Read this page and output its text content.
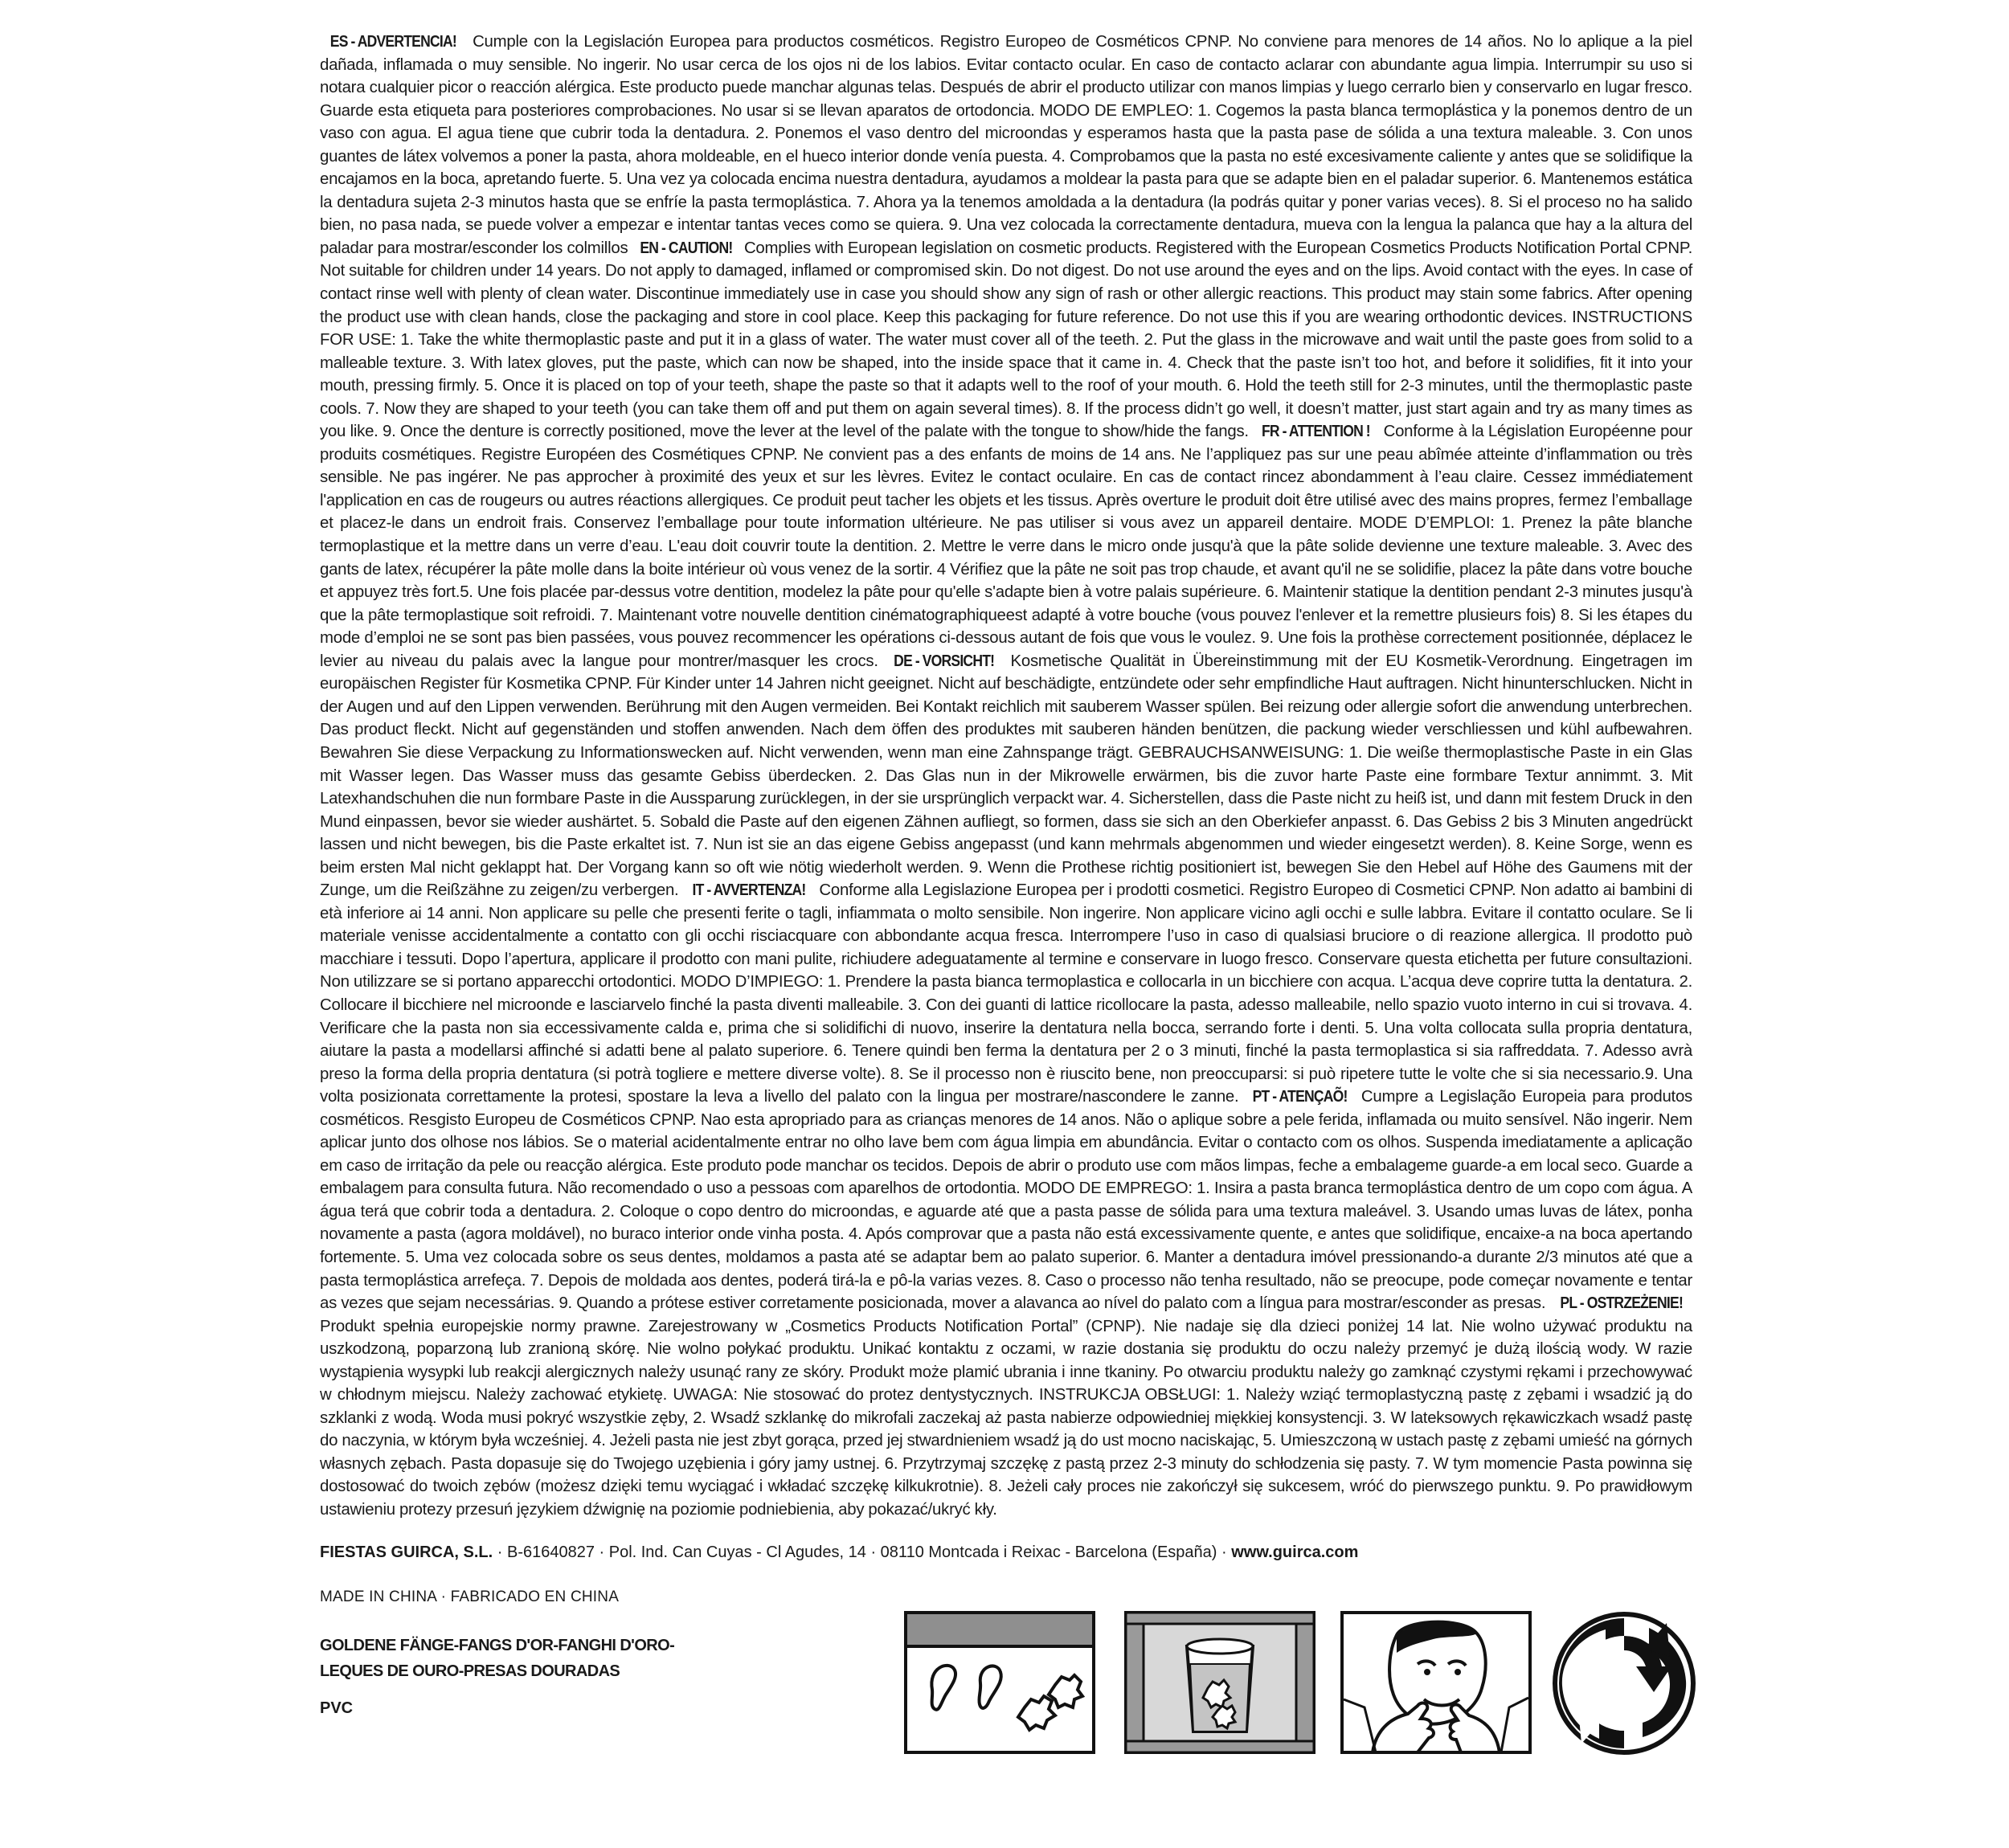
ES - ADVERTENCIA! Cumple con la Legislación Europea para productos cosméticos. Registro Europeo de Cosméticos CPNP. No conviene para menores de 14 años. No lo aplique a la piel dañada, inflamada o muy sensible. No ingerir. No usar cerca de los ojos ni de los labios. Evitar contacto ocular. En caso de contacto aclarar con abundante agua limpia. Interrumpir su uso si notara cualquier picor o reacción alérgica. Este producto puede manchar algunas telas. Después de abrir el producto utilizar con manos limpias y luego cerrarlo bien y conservarlo en lugar fresco. Guarde esta etiqueta para posteriores comprobaciones. No usar si se llevan aparatos de ortodoncia. MODO DE EMPLEO: 1. Cogemos la pasta blanca termoplástica y la ponemos dentro de un vaso con agua. El agua tiene que cubrir toda la dentadura. 2. Ponemos el vaso dentro del microondas y esperamos hasta que la pasta pase de sólida a una textura maleable. 3. Con unos guantes de látex volvemos a poner la pasta, ahora moldeable, en el hueco interior donde venía puesta. 4. Comprobamos que la pasta no esté excesivamente caliente y antes que se solidifique la encajamos en la boca, apretando fuerte. 5. Una vez ya colocada encima nuestra dentadura, ayudamos a moldear la pasta para que se adapte bien en el paladar superior. 6. Mantenemos estática la dentadura sujeta 2-3 minutos hasta que se enfríe la pasta termoplástica. 7. Ahora ya la tenemos amoldada a la dentadura (la podrás quitar y poner varias veces). 8. Si el proceso no ha salido bien, no pasa nada, se puede volver a empezar e intentar tantas veces como se quiera. 9. Una vez colocada la correctamente dentadura, mueva con la lengua la palanca que hay a la altura del paladar para mostrar/esconder los colmillos EN - CAUTION! Complies with European legislation on cosmetic products. Registered with the European Cosmetics Products Notification Portal CPNP. Not suitable for children under 14 years. Do not apply to damaged, inflamed or compromised skin. Do not digest. Do not use around the eyes and on the lips. Avoid contact with the eyes. In case of contact rinse well with plenty of clean water. Discontinue immediately use in case you should show any sign of rash or other allergic reactions. This product may stain some fabrics. After opening the product use with clean hands, close the packaging and store in cool place. Keep this packaging for future reference. Do not use this if you are wearing orthodontic devices. INSTRUCTIONS FOR USE: 1. Take the white thermoplastic paste and put it in a glass of water. The water must cover all of the teeth. 2. Put the glass in the microwave and wait until the paste goes from solid to a malleable texture. 3. With latex gloves, put the paste, which can now be shaped, into the inside space that it came in. 4. Check that the paste isn’t too hot, and before it solidifies, fit it into your mouth, pressing firmly. 5. Once it is placed on top of your teeth, shape the paste so that it adapts well to the roof of your mouth. 6. Hold the teeth still for 2-3 minutes, until the thermoplastic paste cools. 7. Now they are shaped to your teeth (you can take them off and put them on again several times). 8. If the process didn’t go well, it doesn’t matter, just start again and try as many times as you like. 9. Once the denture is correctly positioned, move the lever at the level of the palate with the tongue to show/hide the fangs. FR - ATTENTION ! Conforme à la Législation Européenne pour produits cosmétiques. Registre Européen des Cosmétiques CPNP. Ne convient pas a des enfants de moins de 14 ans. Ne l’appliquez pas sur une peau abîmée atteinte d’inflammation ou très sensible. Ne pas ingérer. Ne pas approcher à proximité des yeux et sur les lèvres. Evitez le contact oculaire. En cas de contact rincez abondamment à l’eau claire. Cessez immédiatement l'application en cas de rougeurs ou autres réactions allergiques. Ce produit peut tacher les objets et les tissus. Après overture le produit doit être utilisé avec des mains propres, fermez l’emballage et placez-le dans un endroit frais. Conservez l’emballage pour toute information ultérieure. Ne pas utiliser si vous avez un appareil dentaire. MODE D’EMPLOI: 1. Prenez la pâte blanche termoplastique et la mettre dans un verre d’eau. L'eau doit couvrir toute la dentition. 2. Mettre le verre dans le micro onde jusqu'à que la pâte solide devienne une texture maleable. 3. Avec des gants de latex, récupérer la pâte molle dans la boite intérieur où vous venez de la sortir. 4 Vérifiez que la pâte ne soit pas trop chaude, et avant qu'il ne se solidifie, placez la pâte dans votre bouche et appuyez très fort.5. Une fois placée par-dessus votre dentition, modelez la pâte pour qu'elle s'adapte bien à votre palais supérieure. 6. Maintenir statique la dentition pendant 2-3 minutes jusqu'à que la pâte termoplastique soit refroidi. 7. Maintenant votre nouvelle dentition cinématographiqueest adapté à votre bouche (vous pouvez l'enlever et la remettre plusieurs fois) 8. Si les étapes du mode d’emploi ne se sont pas bien passées, vous pouvez recommencer les opérations ci-dessous autant de fois que vous le voulez. 9. Une fois la prothèse correctement positionnée, déplacez le levier au niveau du palais avec la langue pour montrer/masquer les crocs. DE - VORSICHT! Kosmetische Qualität in Übereinstimmung mit der EU Kosmetik-Verordnung. Eingetragen im europäischen Register für Kosmetika CPNP. Für Kinder unter 14 Jahren nicht geeignet. Nicht auf beschädigte, entzündete oder sehr empfindliche Haut auftragen. Nicht hinunterschlucken. Nicht in der Augen und auf den Lippen verwenden. Berührung mit den Augen vermeiden. Bei Kontakt reichlich mit sauberem Wasser spülen. Bei reizung oder allergie sofort die anwendung unterbrechen. Das product fleckt. Nicht auf gegenständen und stoffen anwenden. Nach dem öffen des produktes mit sauberen händen benützen, die packung wieder verschliessen und kühl aufbewahren. Bewahren Sie diese Verpackung zu Informationswecken auf. Nicht verwenden, wenn man eine Zahnspange trägt. GEBRAUCHSANWEISUNG: 1. Die weiße thermoplastische Paste in ein Glas mit Wasser legen. Das Wasser muss das gesamte Gebiss überdecken. 2. Das Glas nun in der Mikrowelle erwärmen, bis die zuvor harte Paste eine formbare Textur annimmt. 3. Mit Latexhandschuhen die nun formbare Paste in die Aussparung zurücklegen, in der sie ursprünglich verpackt war. 4. Sicherstellen, dass die Paste nicht zu heiß ist, und dann mit festem Druck in den Mund einpassen, bevor sie wieder aushärtet. 5. Sobald die Paste auf den eigenen Zähnen aufliegt, so formen, dass sie sich an den Oberkiefer anpasst. 6. Das Gebiss 2 bis 3 Minuten angedrückt lassen und nicht bewegen, bis die Paste erkaltet ist. 7. Nun ist sie an das eigene Gebiss angepasst (und kann mehrmals abgenommen und wieder eingesetzt werden). 8. Keine Sorge, wenn es beim ersten Mal nicht geklappt hat. Der Vorgang kann so oft wie nötig wiederholt werden. 9. Wenn die Prothese richtig positioniert ist, bewegen Sie den Hebel auf Höhe des Gaumens mit der Zunge, um die Reißzähne zu zeigen/zu verbergen. IT - AVVERTENZA! Conforme alla Legislazione Europea per i prodotti cosmetici. Registro Europeo di Cosmetici CPNP. Non adatto ai bambini di età inferiore ai 14 anni. Non applicare su pelle che presenti ferite o tagli, infiammata o molto sensibile. Non ingerire. Non applicare vicino agli occhi e sulle labbra. Evitare il contatto oculare. Se li materiale venisse accidentalmente a contatto con gli occhi risciacquare con abbondante acqua fresca. Interrompere l’uso in caso di qualsiasi bruciore o di reazione allergica. Il prodotto può macchiare i tessuti. Dopo l’apertura, applicare il prodotto con mani pulite, richiudere adeguatamente al termine e conservare in luogo fresco. Conservare questa etichetta per future consultazioni. Non utilizzare se si portano apparecchi ortodontici. MODO D’IMPIEGO: 1. Prendere la pasta bianca termoplastica e collocarla in un bicchiere con acqua. L’acqua deve coprire tutta la dentatura. 2. Collocare il bicchiere nel microonde e lasciarvelo finché la pasta diventi malleabile. 3. Con dei guanti di lattice ricollocare la pasta, adesso malleabile, nello spazio vuoto interno in cui si trovava. 4. Verificare che la pasta non sia eccessivamente calda e, prima che si solidifichi di nuovo, inserire la dentatura nella bocca, serrando forte i denti. 5. Una volta collocata sulla propria dentatura, aiutare la pasta a modellarsi affinché si adatti bene al palato superiore. 6. Tenere quindi ben ferma la dentatura per 2 o 3 minuti, finché la pasta termoplastica si sia raffreddata. 7. Adesso avrà preso la forma della propria dentatura (si potrà togliere e mettere diverse volte). 8. Se il processo non è riuscito bene, non preoccuparsi: si può ripetere tutte le volte che si sia necessario.9. Una volta posizionata correttamente la protesi, spostare la leva a livello del palato con la lingua per mostrare/nascondere le zanne. PT - ATENÇAÕ! Cumpre a Legislação Europeia para produtos cosméticos. Resgisto Europeu de Cosméticos CPNP. Nao esta apropriado para as crianças menores de 14 anos. Não o aplique sobre a pele ferida, inflamada ou muito sensível. Não ingerir. Nem aplicar junto dos olhose nos lábios. Se o material acidentalmente entrar no olho lave bem com água limpia em abundância. Evitar o contacto com os olhos. Suspenda imediatamente a aplicação em caso de irritação da pele ou reacção alérgica. Este produto pode manchar os tecidos. Depois de abrir o produto use com mãos limpas, feche a embalageme guarde-a em local seco. Guarde a embalagem para consulta futura. Não recomendado o uso a pessoas com aparelhos de ortodontia. MODO DE EMPREGO: 1. Insira a pasta branca termoplástica dentro de um copo com água. A água terá que cobrir toda a dentadura. 2. Coloque o copo dentro do microondas, e aguarde até que a pasta passe de sólida para uma textura maleável. 3. Usando umas luvas de látex, ponha novamente a pasta (agora moldável), no buraco interior onde vinha posta. 4. Após comprovar que a pasta não está excessivamente quente, e antes que solidifique, encaixe-a na boca apertando fortemente. 5. Uma vez colocada sobre os seus dentes, moldamos a pasta até se adaptar bem ao palato superior. 6. Manter a dentadura imóvel pressionando-a durante 2/3 minutos até que a pasta termoplástica arrefeça. 7. Depois de moldada aos dentes, poderá tirá-la e pô-la varias vezes. 8. Caso o processo não tenha resultado, não se preocupe, pode começar novamente e tentar as vezes que sejam necessárias. 9. Quando a prótese estiver corretamente posicionada, mover a alavanca ao nível do palato com a língua para mostrar/esconder as presas. PL - OSTRZEŻENIE! Produkt spełnia europejskie normy prawne. Zarejestrowany w „Cosmetics Products Notification Portal” (CPNP). Nie nadaje się dla dzieci poniżej 14 lat. Nie wolno używać produktu na uszkodzoną, poparzoną lub zranioną skórę. Nie wolno połykać produktu. Unikać kontaktu z oczami, w razie dostania się produktu do oczu należy przemyć je dużą ilością wody. W razie wystąpienia wysypki lub reakcji alergicznych należy usunąć rany ze skóry. Produkt może plamić ubrania i inne tkaniny. Po otwarciu produktu należy go zamknąć czystymi rękami i przechowywać w chłodnym miejscu. Należy zachować etykietę. UWAGA: Nie stosować do protez dentystycznych. INSTRUKCJA OBSŁUGI: 1. Należy wziąć termoplastyczną pastę z zębami i wsadzić ją do szklanki z wodą. Woda musi pokryć wszystkie zęby, 2. Wsadź szklankę do mikrofali zaczekaj aż pasta nabierze odpowiedniej miękkiej konsystencji. 3. W lateksowych rękawiczkach wsadź pastę do naczynia, w którym była wcześniej. 4. Jeżeli pasta nie jest zbyt gorąca, przed jej stwardnieniem wsadź ją do ust mocno naciskając, 5. Umieszczoną w ustach pastę z zębami umieść na górnych własnych zębach. Pasta dopasuje się do Twojego uzębienia i góry jamy ustnej. 6. Przytrzymaj szczękę z pastą przez 2-3 minuty do schłodzenia się pasty. 7. W tym momencie Pasta powinna się dostosować do twoich zębów (możesz dzięki temu wyciągać i wkładać szczękę kilkukrotnie). 8. Jeżeli cały proces nie zakończył się sukcesem, wróć do pierwszego punktu. 9. Po prawidłowym ustawieniu protezy przesuń językiem dźwignię na poziomie podniebienia, aby pokazać/ukryć kły.
FIESTAS GUIRCA, S.L. · B-61640827 · Pol. Ind. Can Cuyas - Cl Agudes, 14 · 08110 Montcada i Reixac - Barcelona (España) · www.guirca.com
MADE IN CHINA · FABRICADO EN CHINA
GOLDENE FÄNGE-FANGS D'OR-FANGHI D'ORO-
LEQUES DE OURO-PRESAS DOURADAS
PVC
